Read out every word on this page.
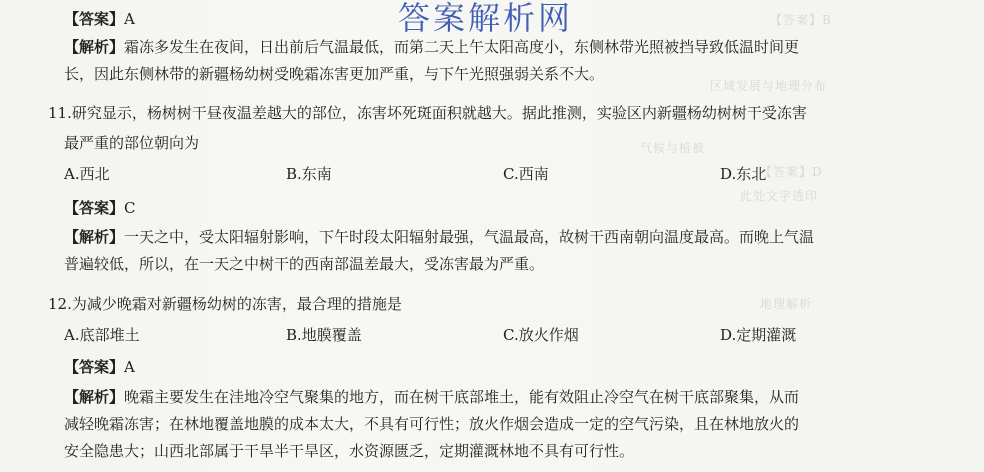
【答案】B
区域发展与地理分布
气候与植被
【答案】D
此处文字透印
地理解析
答案解析网
【答案】A
【解析】霜冻多发生在夜间，日出前后气温最低，而第二天上午太阳高度小，东侧林带光照被挡导致低温时间更
长，因此东侧林带的新疆杨幼树受晚霜冻害更加严重，与下午光照强弱关系不大。
11.研究显示，杨树树干昼夜温差越大的部位，冻害坏死斑面积就越大。据此推测，实验区内新疆杨幼树树干受冻害
最严重的部位朝向为
A.西北	B.东南	C.西南	D.东北
【答案】C
【解析】一天之中，受太阳辐射影响，下午时段太阳辐射最强，气温最高，故树干西南朝向温度最高。而晚上气温
普遍较低，所以，在一天之中树干的西南部温差最大，受冻害最为严重。
12.为减少晚霜对新疆杨幼树的冻害，最合理的措施是
A.底部堆土	B.地膜覆盖	C.放火作烟	D.定期灌溉
【答案】A
【解析】晚霜主要发生在洼地冷空气聚集的地方，而在树干底部堆土，能有效阻止冷空气在树干底部聚集，从而
减轻晚霜冻害；在林地覆盖地膜的成本太大，不具有可行性；放火作烟会造成一定的空气污染，且在林地放火的
安全隐患大；山西北部属于干旱半干旱区，水资源匮乏，定期灌溉林地不具有可行性。
